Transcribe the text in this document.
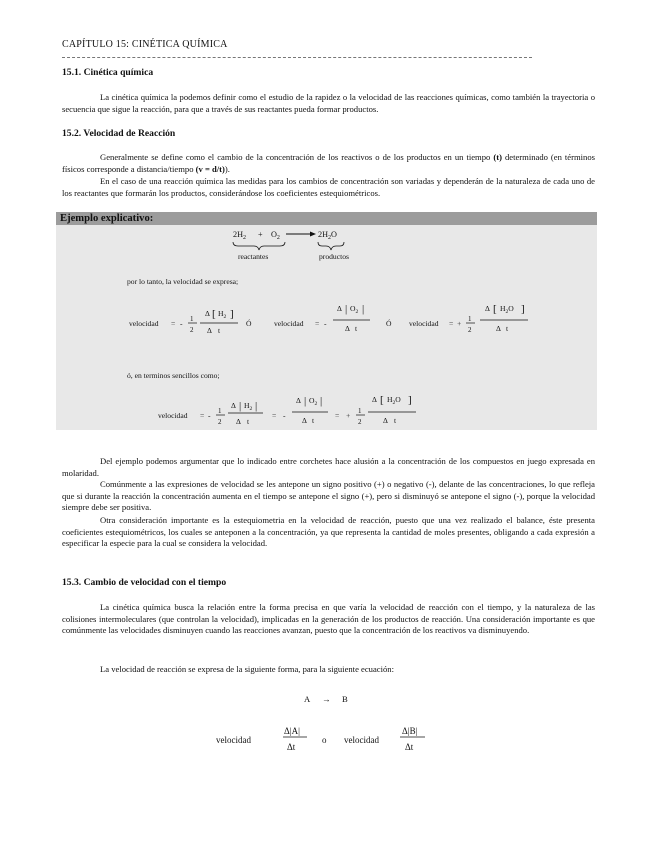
CAPÍTULO 15: CINÉTICA QUÍMICA
15.1. Cinética química

La cinética química la podemos definir como el estudio de la rapidez o la velocidad de las reacciones químicas, como también la trayectoria o secuencia que sigue la reacción, para que a través de sus reactantes pueda formar productos.

15.2. Velocidad de Reacción

Generalmente se define como el cambio de la concentración de los reactivos o de los productos en un tiempo (t) determinado (en términos físicos corresponde a distancia/tiempo (v = d/t)).

En el caso de una reacción química las medidas para los cambios de concentración son variadas y dependerán de la naturaleza de cada uno de los reactantes que formarán los productos, considerándose los coeficientes estequiométricos.

Ejemplo explicativo:
$2H_2 + O_2$	$2H_2O$
reactantes	productos
por lo tanto, la velocidad se expresa;
velocidad = - 1
2
Δ [ $H_2$ ]
Δ t
Ó	velocidad = -
Δ | $O_2$ |
Δ t
Ó velocidad = + 1
2
Δ [ $H_2O$ ]
Δ t
ó, en terminos sencillos como;
velocidad = - 1
2
Δ | $H_2$ |
Δ t
= -
Δ | $O_2$ |
Δ t
= + 1
2
Δ [ $H_2O$ ]
Δ t

Del ejemplo podemos argumentar que lo indicado entre corchetes hace alusión a la concentración de los compuestos en juego expresada en molaridad.

Comúnmente a las expresiones de velocidad se les antepone un signo positivo (+) o negativo (-), delante de las concentraciones, lo que refleja que si durante la reacción la concentración aumenta en el tiempo se antepone el signo (+), pero si disminuyó se antepone el signo (-), porque la velocidad siempre debe ser positiva.

Otra consideración importante es la estequiometria en la velocidad de reacción, puesto que una vez realizado el balance, éste presenta coeficientes estequiométricos, los cuales se anteponen a la concentración, ya que representa la cantidad de moles presentes, obligando a cada expresión a especificar la especie para la cual se considera la velocidad.

15.3. Cambio de velocidad con el tiempo

La cinética química busca la relación entre la forma precisa en que varía la velocidad de reacción con el tiempo, y la naturaleza de las colisiones intermoleculares (que controlan la velocidad), implicadas en la generación de los productos de reacción. Una consideración importante es que comúnmente las velocidades disminuyen cuando las reacciones avanzan, puesto que la concentración de los reactivos va disminuyendo.

La velocidad de reacción se expresa de la siguiente forma, para la siguiente ecuación:

A → B
velocidad
Δ|A|
Δt
o velocidad
Δ|B|
Δt
